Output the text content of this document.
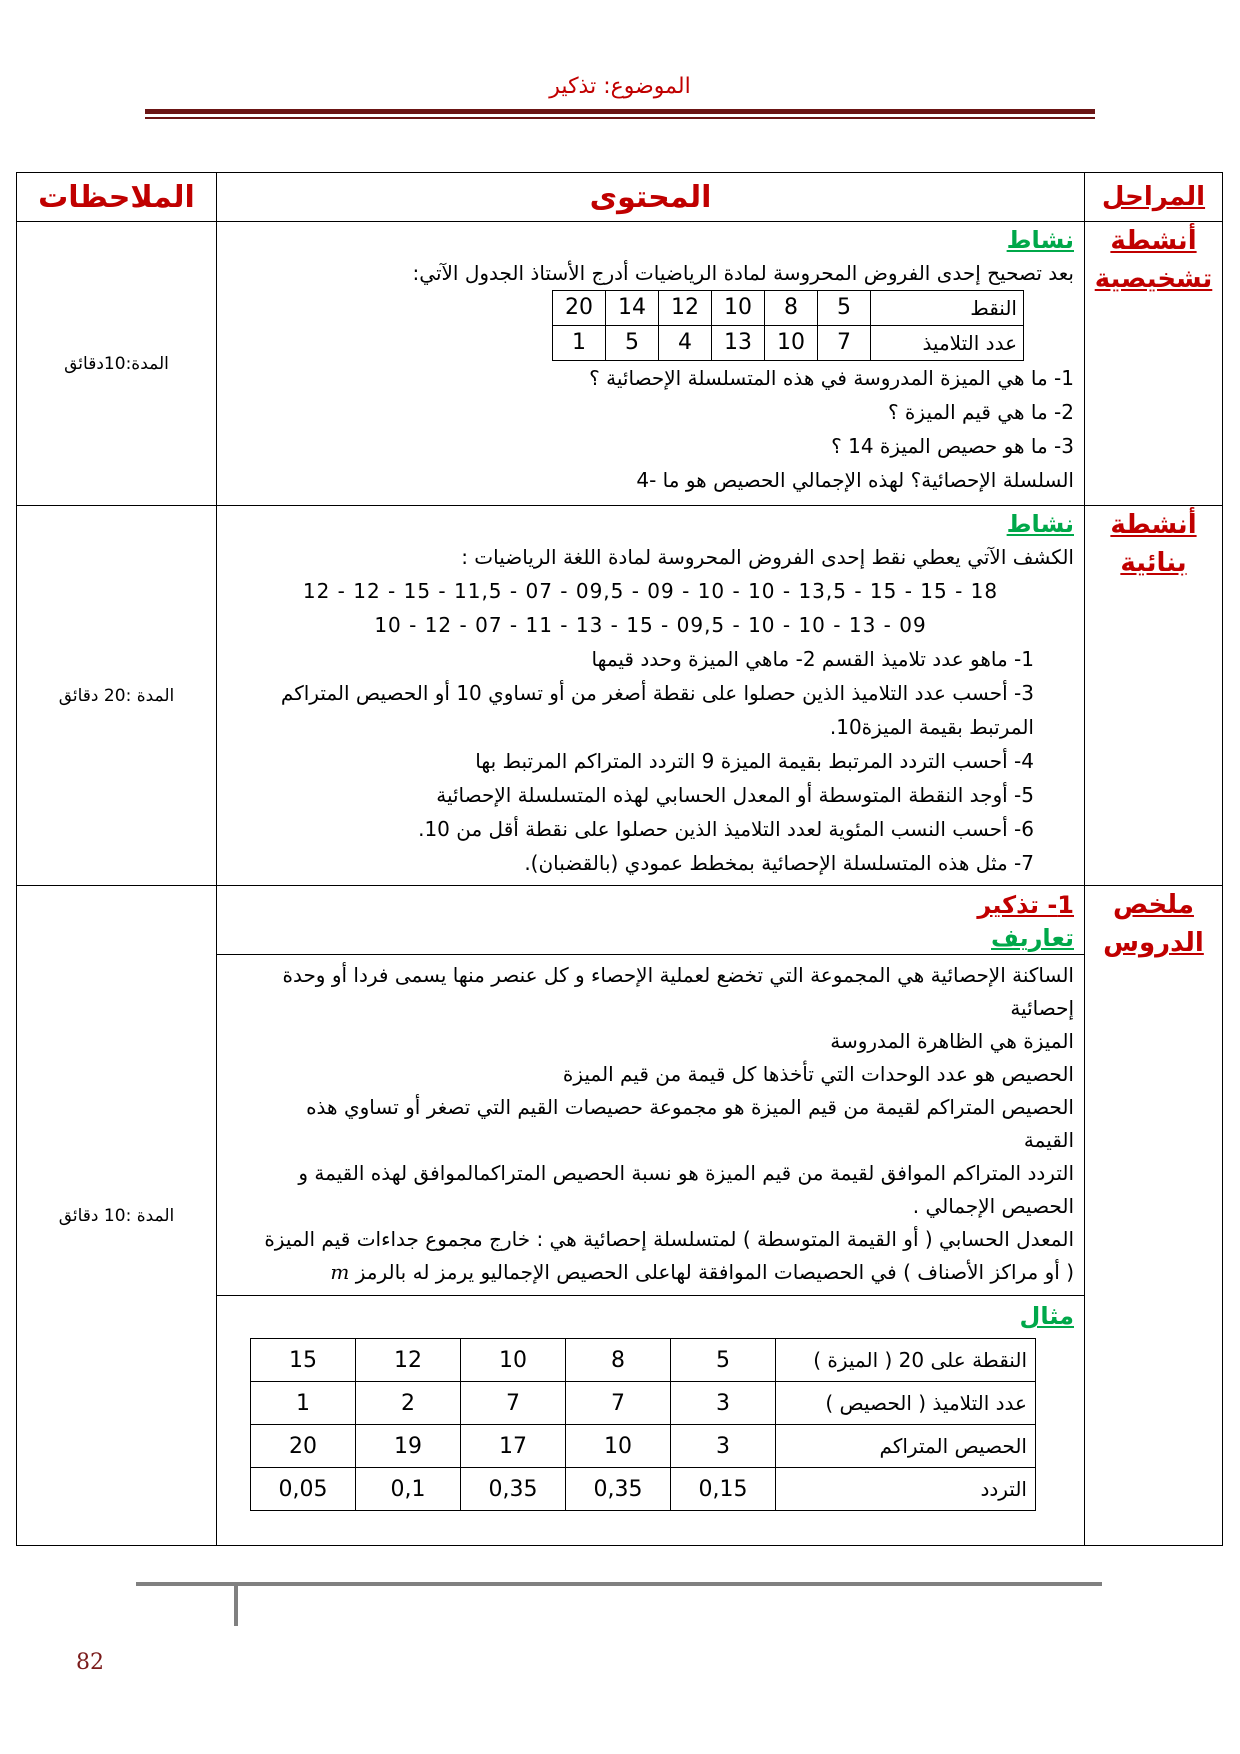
الموضوع: تذكير
المراحل	المحتوى	الملاحظات
أنشطة تشخيصية	
نشاط
بعد تصحيح إحدى الفروض المحروسة لمادة الرياضيات أدرج الأستاذ الجدول الآتي:
النقط	5	8	10	12	14	20
عدد التلاميذ	7	10	13	4	5	1
1- ما هي الميزة المدروسة في هذه المتسلسلة الإحصائية ؟
2- ما هي قيم الميزة ؟
3- ما هو حصيص الميزة 14 ؟
السلسلة الإحصائية؟ لهذه الإجمالي الحصيص هو ما -4
	المدة:10دقائق
أنشطة بنائية	
نشاط
الكشف الآتي يعطي نقط إحدى الفروض المحروسة لمادة اللغة الرياضيات :
12 - 12 - 15 - 11,5 - 07 - 09,5 - 09 - 10 - 10 - 13,5 - 15 - 15 - 18
10 - 12 - 07 - 11 - 13 - 15 - 09,5 - 10 - 10 - 13 - 09
1- ماهو عدد تلاميذ القسم 2- ماهي الميزة وحدد قيمها
3- أحسب عدد التلاميذ الذين حصلوا على نقطة أصغر من أو تساوي 10 أو الحصيص المتراكم المرتبط بقيمة الميزة10.
4- أحسب التردد المرتبط بقيمة الميزة 9 التردد المتراكم المرتبط بها
5- أوجد النقطة المتوسطة أو المعدل الحسابي لهذه المتسلسلة الإحصائية
6- أحسب النسب المئوية لعدد التلاميذ الذين حصلوا على نقطة أقل من 10.
7- مثل هذه المتسلسلة الإحصائية بمخطط عمودي (بالقضبان).
	المدة :20 دقائق
ملخص الدروس	
1- تذكير
تعاريف
الساكنة الإحصائية هي المجموعة التي تخضع لعملية الإحصاء و كل عنصر منها يسمى فردا أو وحدة إحصائية
الميزة هي الظاهرة المدروسة
الحصيص هو عدد الوحدات التي تأخذها كل قيمة من قيم الميزة
الحصيص المتراكم لقيمة من قيم الميزة هو مجموعة حصيصات القيم التي تصغر أو تساوي هذه القيمة
التردد المتراكم الموافق لقيمة من قيم الميزة هو نسبة الحصيص المتراكمالموافق لهذه القيمة و الحصيص الإجمالي .
المعدل الحسابي ( أو القيمة المتوسطة ) لمتسلسلة إحصائية هي : خارج مجموع جداءات قيم الميزة ( أو مراكز الأصناف ) في الحصيصات الموافقة لهاعلى الحصيص الإجماليو يرمز له بالرمز m
مثال
النقطة على 20 ( الميزة )	5	8	10	12	15
عدد التلاميذ ( الحصيص )	3	7	7	2	1
الحصيص المتراكم	3	10	17	19	20
التردد	0,15	0,35	0,35	0,1	0,05
	المدة :10 دقائق
82
